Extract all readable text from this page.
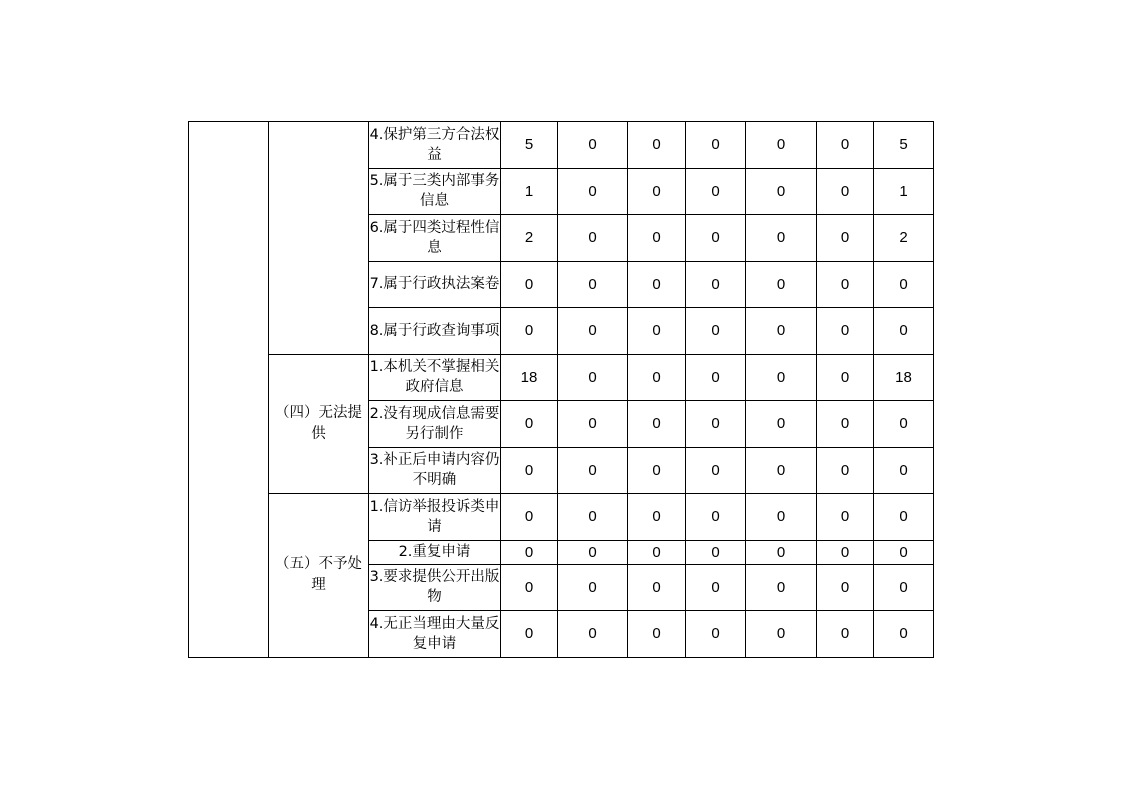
		4.保护第三方合法权益	5	0	0	0	0	0	5
		5.属于三类内部事务信息	1	0	0	0	0	0	1
		6.属于四类过程性信息	2	0	0	0	0	0	2
		7.属于行政执法案卷	0	0	0	0	0	0	0
		8.属于行政查询事项	0	0	0	0	0	0	0
	（四）无法提供	1.本机关不掌握相关政府信息	18	0	0	0	0	0	18
		2.没有现成信息需要另行制作	0	0	0	0	0	0	0
		3.补正后申请内容仍不明确	0	0	0	0	0	0	0
	（五）不予处理	1.信访举报投诉类申请	0	0	0	0	0	0	0
		2.重复申请	0	0	0	0	0	0	0
		3.要求提供公开出版物	0	0	0	0	0	0	0
		4.无正当理由大量反复申请	0	0	0	0	0	0	0
